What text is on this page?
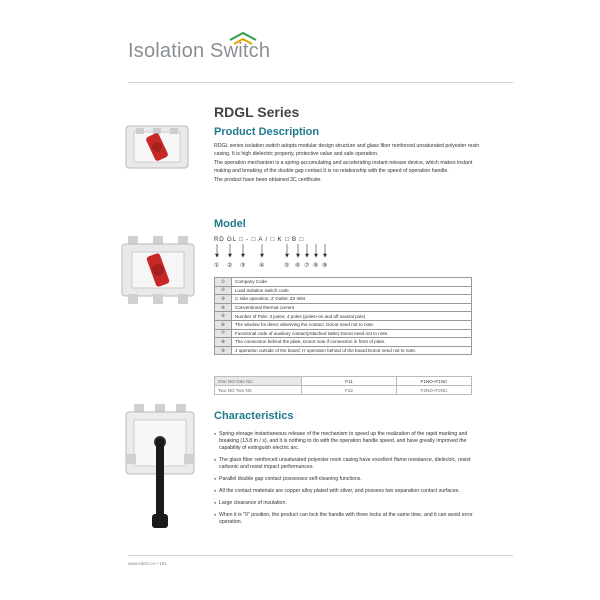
Isolation Switch
RDGL Series
Product Description
RDGL series isolation switch adopts modular design structure and glass fiber reinforced unsaturated polyester resin casing. It is high dielectric property, protective value and safe operation.
The operation mechanism is a spring-accumulating and accelerating instant-release device, which makes instant making and breaking of the double gap contact.It is no relationship with the speed of operation handle.
The product have been obtained 3C certificate.
Model
RD GL □ - □ A / □ K □ B □
① ② ③ ④	⑤ ⑥ ⑦ ⑧ ⑨
①	Company Code
②	Load isolation switch code
③	C side operation; Z Outlet; Z2 Inlet
④	Conventional thermal current
⑤	Number of Pole: 3 poles; 4 poles (poles+on and off neutral pole)
⑥	The window for direct observing the contact. Donot need not to note.
⑦	Functional code of auxiliary contact(Attached table).Donot need not to note.
⑧	The connection behind the plate, Donot note if connection in front of plate.
⑨	J operation outside of the board; H operation behind of the board.Donot need not to note.
One NO One NC	F11	F1NO+F1NC
Two NO Two NC	F22	F2NO+F2NC
Characteristics
● Spring-storage instantaneous release of the mechanism to speed up the realization of the rapid marking and breaking (13.8 m / s), and it is nothing to do with the operation handle speed, and have greatly improved the capability of extinguish electric arc.
● The glass fiber reinforced unsaturated polyester resin casing have excellent flame resistance, dielectric, resist carbonic and resist impact performances.
● Parallel double gap contact possesses self-cleaning functions.
● All the contact materials are copper alloy plated with silver, and possess two separation contact surfaces.
● Large clearance of insulation.
● When it is "0" position, the product can lock the handle with three locks at the same time, and it can avoid error operation.
www.rdcln.cn • 101
